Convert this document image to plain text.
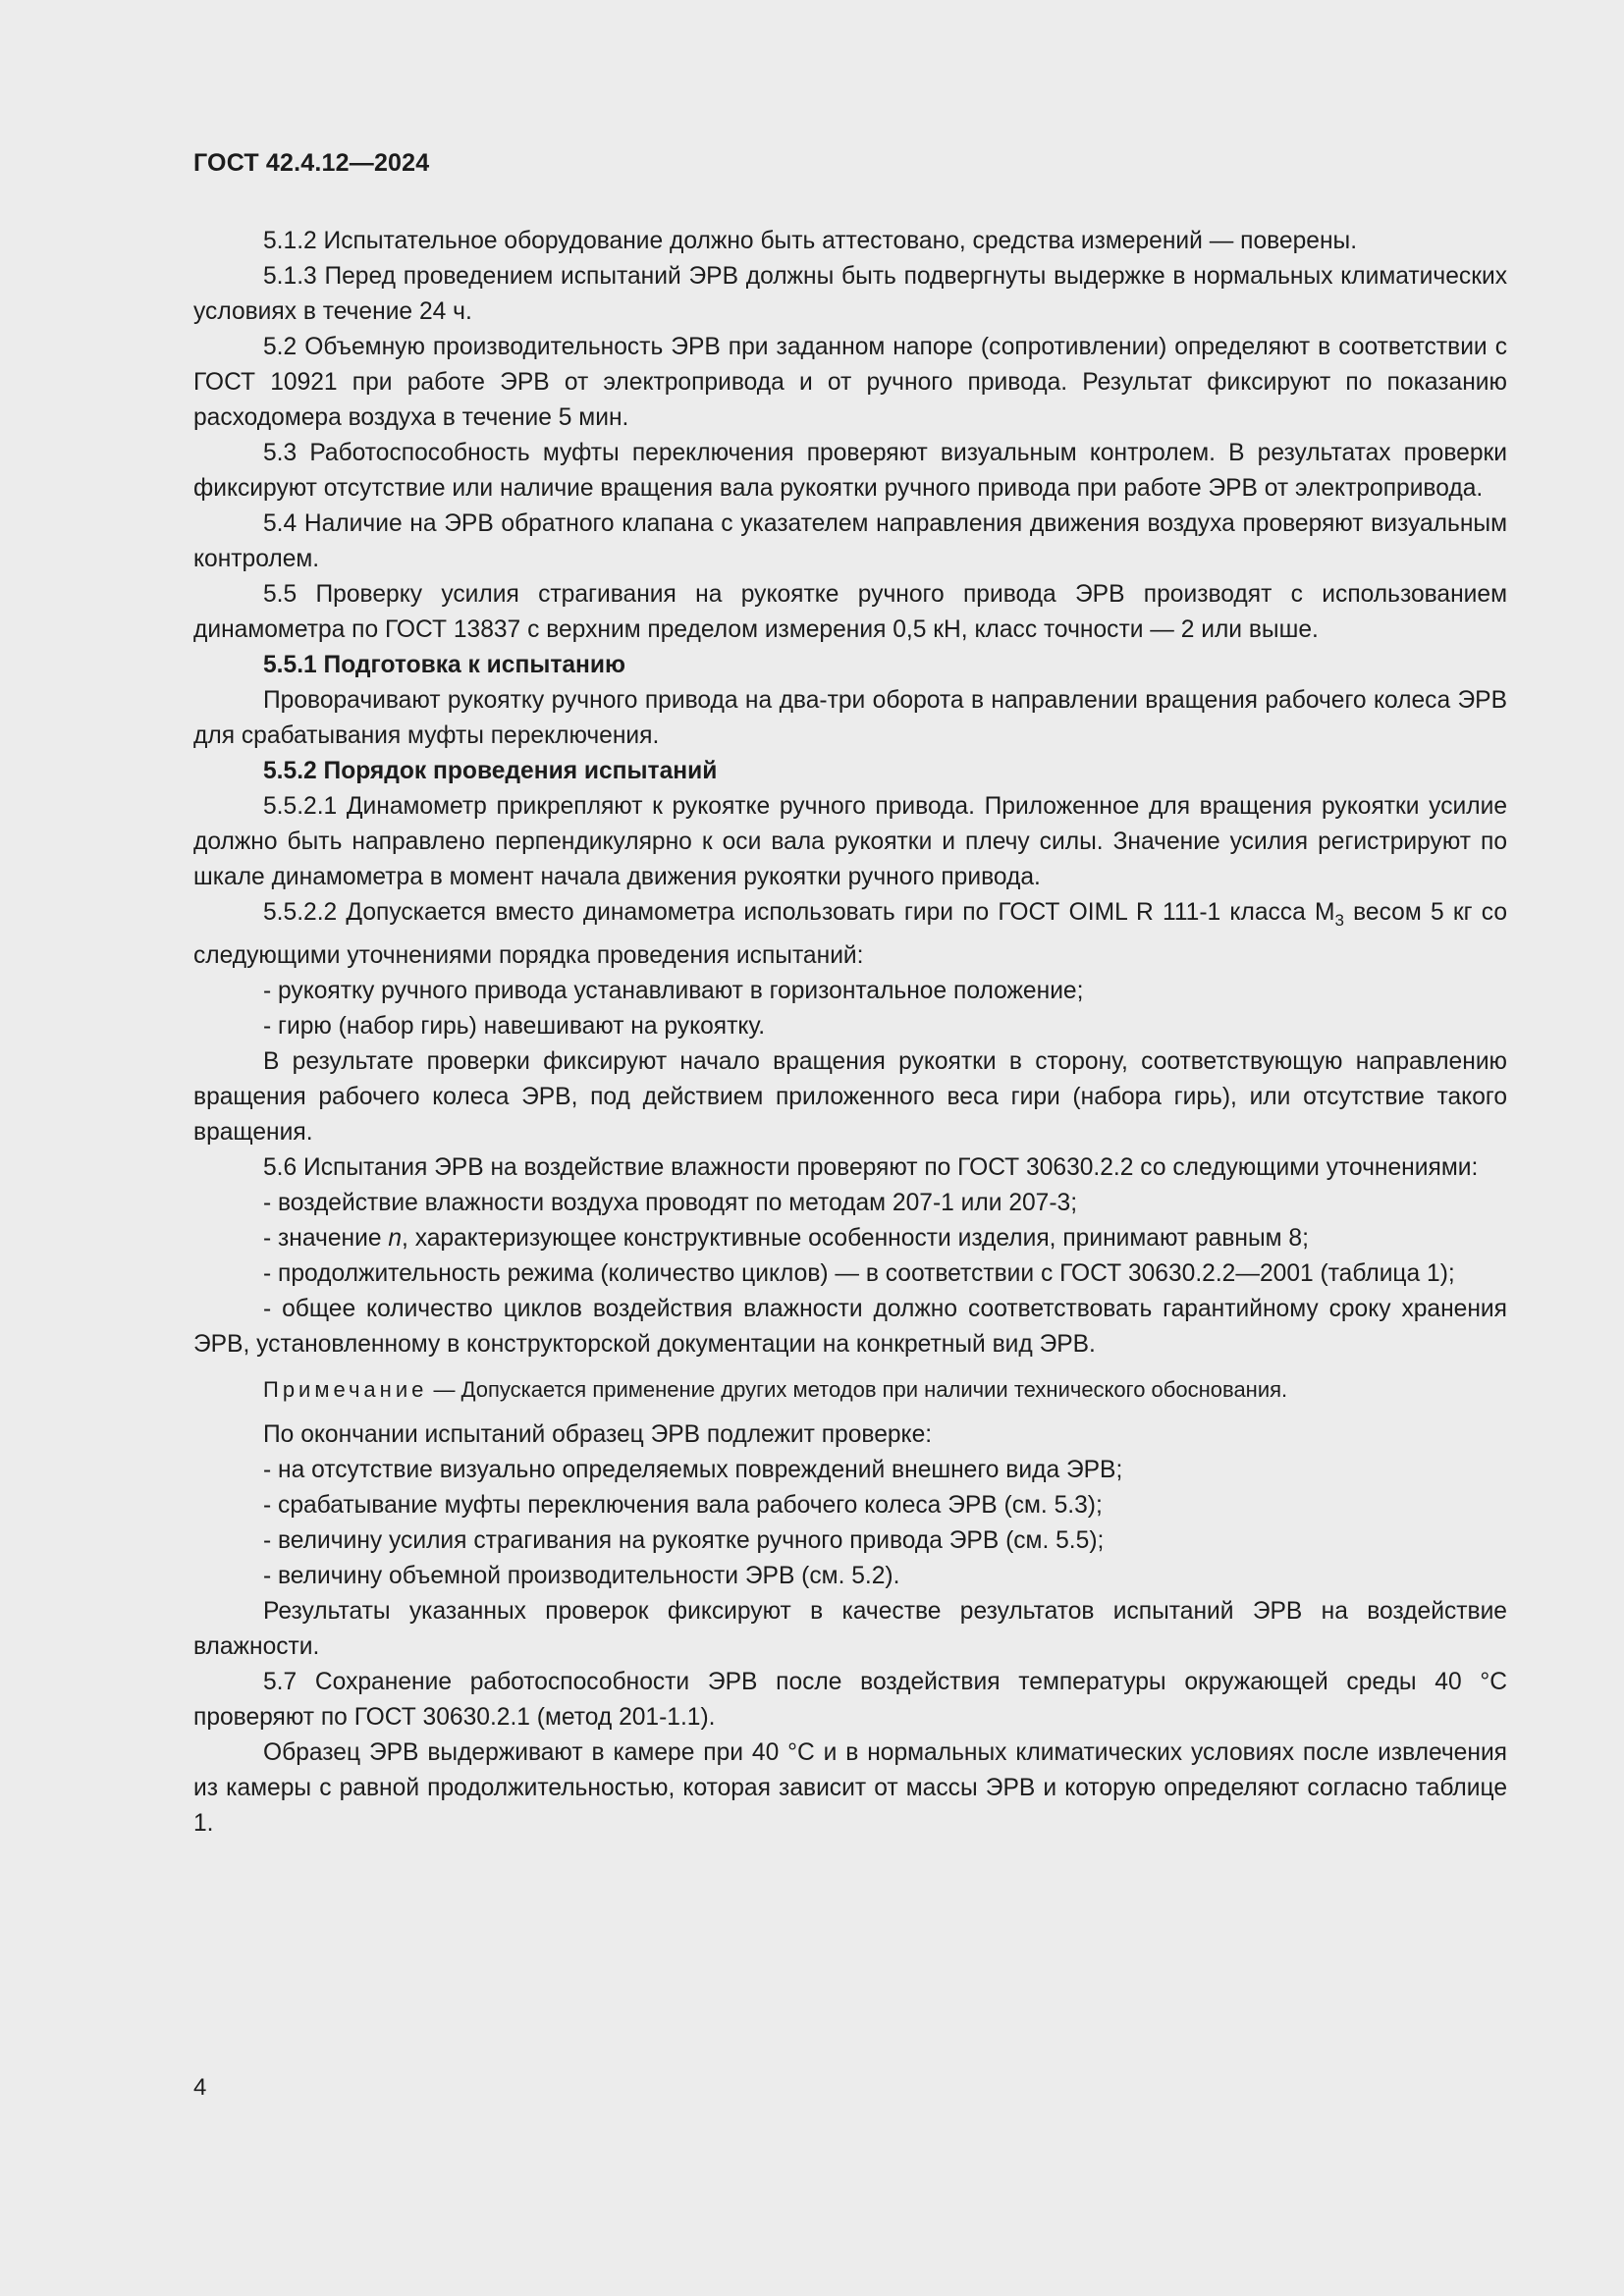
ГОСТ 42.4.12—2024

5.1.2 Испытательное оборудование должно быть аттестовано, средства измерений — поверены.

5.1.3 Перед проведением испытаний ЭРВ должны быть подвергнуты выдержке в нормальных климатических условиях в течение 24 ч.

5.2 Объемную производительность ЭРВ при заданном напоре (сопротивлении) определяют в соответствии с ГОСТ 10921 при работе ЭРВ от электропривода и от ручного привода. Результат фиксируют по показанию расходомера воздуха в течение 5 мин.

5.3 Работоспособность муфты переключения проверяют визуальным контролем. В результатах проверки фиксируют отсутствие или наличие вращения вала рукоятки ручного привода при работе ЭРВ от электропривода.

5.4 Наличие на ЭРВ обратного клапана с указателем направления движения воздуха проверяют визуальным контролем.

5.5 Проверку усилия страгивания на рукоятке ручного привода ЭРВ производят с использованием динамометра по ГОСТ 13837 с верхним пределом измерения 0,5 кН, класс точности — 2 или выше.

5.5.1 Подготовка к испытанию

Проворачивают рукоятку ручного привода на два-три оборота в направлении вращения рабочего колеса ЭРВ для срабатывания муфты переключения.

5.5.2 Порядок проведения испытаний

5.5.2.1 Динамометр прикрепляют к рукоятке ручного привода. Приложенное для вращения рукоятки усилие должно быть направлено перпендикулярно к оси вала рукоятки и плечу силы. Значение усилия регистрируют по шкале динамометра в момент начала движения рукоятки ручного привода.

5.5.2.2 Допускается вместо динамометра использовать гири по ГОСТ OIML R 111-1 класса $M_3$ весом 5 кг со следующими уточнениями порядка проведения испытаний:

- рукоятку ручного привода устанавливают в горизонтальное положение;

- гирю (набор гирь) навешивают на рукоятку.

В результате проверки фиксируют начало вращения рукоятки в сторону, соответствующую направлению вращения рабочего колеса ЭРВ, под действием приложенного веса гири (набора гирь), или отсутствие такого вращения.

5.6 Испытания ЭРВ на воздействие влажности проверяют по ГОСТ 30630.2.2 со следующими уточнениями:

- воздействие влажности воздуха проводят по методам 207-1 или 207-3;

- значение n, характеризующее конструктивные особенности изделия, принимают равным 8;

- продолжительность режима (количество циклов) — в соответствии с ГОСТ 30630.2.2—2001 (таблица 1);

- общее количество циклов воздействия влажности должно соответствовать гарантийному сроку хранения ЭРВ, установленному в конструкторской документации на конкретный вид ЭРВ.

Примечание — Допускается применение других методов при наличии технического обоснования.

По окончании испытаний образец ЭРВ подлежит проверке:

- на отсутствие визуально определяемых повреждений внешнего вида ЭРВ;

- срабатывание муфты переключения вала рабочего колеса ЭРВ (см. 5.3);

- величину усилия страгивания на рукоятке ручного привода ЭРВ (см. 5.5);

- величину объемной производительности ЭРВ (см. 5.2).

Результаты указанных проверок фиксируют в качестве результатов испытаний ЭРВ на воздействие влажности.

5.7 Сохранение работоспособности ЭРВ после воздействия температуры окружающей среды 40 °C проверяют по ГОСТ 30630.2.1 (метод 201-1.1).

Образец ЭРВ выдерживают в камере при 40 °C и в нормальных климатических условиях после извлечения из камеры с равной продолжительностью, которая зависит от массы ЭРВ и которую определяют согласно таблице 1.

4
